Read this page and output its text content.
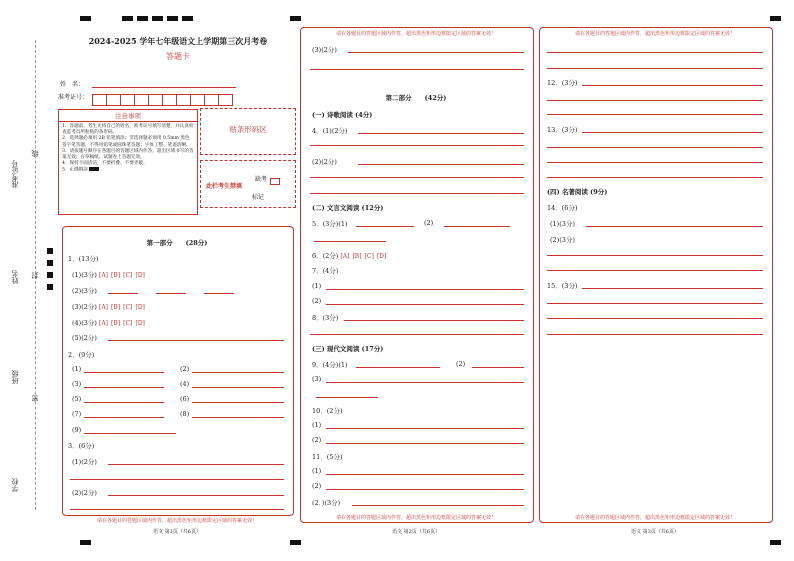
准考证号
线
姓名 封
班级
密
学校
2024-2025 学年七年级语文上学期第三次月考卷
答题卡
姓　名：
准考证号：
注意事项
1．答题前，考生先将自己的姓名，准考证号填写清楚，并认真检查监考员所粘贴的条形码。
2．选择题必须用 2B 铅笔填涂；非选择题必须用 0.5mm 黑色签字笔答题，不得用铅笔或圆珠笔答题；字体工整、笔迹清晰。
3．请按题号顺序在各题目的答题区域内作答，超出区域书写的答案无效；在草稿纸、试题卷上答题无效。
4．保持卡面清洁，不要折叠、不要弄破。
5．正确填涂
贴条形码区
此栏考生禁填
缺考
标记
第一部分　　(28分)
1．(13分)
(1)(3分) [A] [B] [C] [D]
(2)(3分)
(3)(2分) [A] [B] [C] [D]
(4)(3分) [A] [B] [C] [D]
(5)(2分)
2．(9分)
(1)	(2)
(3)	(4)
(5)	(6)
(7)	(8)
(9)
3．(6分)
(1)(2分)
(2)(2分)
请在各题目的答题区域内作答，超出黑色矩形边框限定区域的答案无效！
语文 第1页（共6页）
请在各题目的答题区域内作答，超出黑色矩形边框限定区域的答案无效！
(3)(2分)
第二部分　　(42分)
(一) 诗歌阅读 (4分)
4．(1)(2分)
(2)(2分)
(二) 文言文阅读 (12分)
5．(3分)(1)	(2)
6．(2分) [A] [B] [C] [D]
7．(4分)
(1)
(2)
8．(3分)
(三) 现代文阅读 (17分)
9．(4分)(1)	(2)
(3)
10．(2分)
(1)
(2)
11．(5分)
(1)
(2)
(2．)(3分)
请在各题目的答题区域内作答，超出黑色矩形边框限定区域的答案无效！
语文 第2页（共6页）
请在各题目的答题区域内作答，超出黑色矩形边框限定区域的答案无效！
12．(3分)
13．(3分)
(四) 名著阅读 (9分)
14．(6分)
(1)(3分)
(2)(3分)
15．(3分)
请在各题目的答题区域内作答，超出黑色矩形边框限定区域的答案无效！
语文 第3页（共6页）
